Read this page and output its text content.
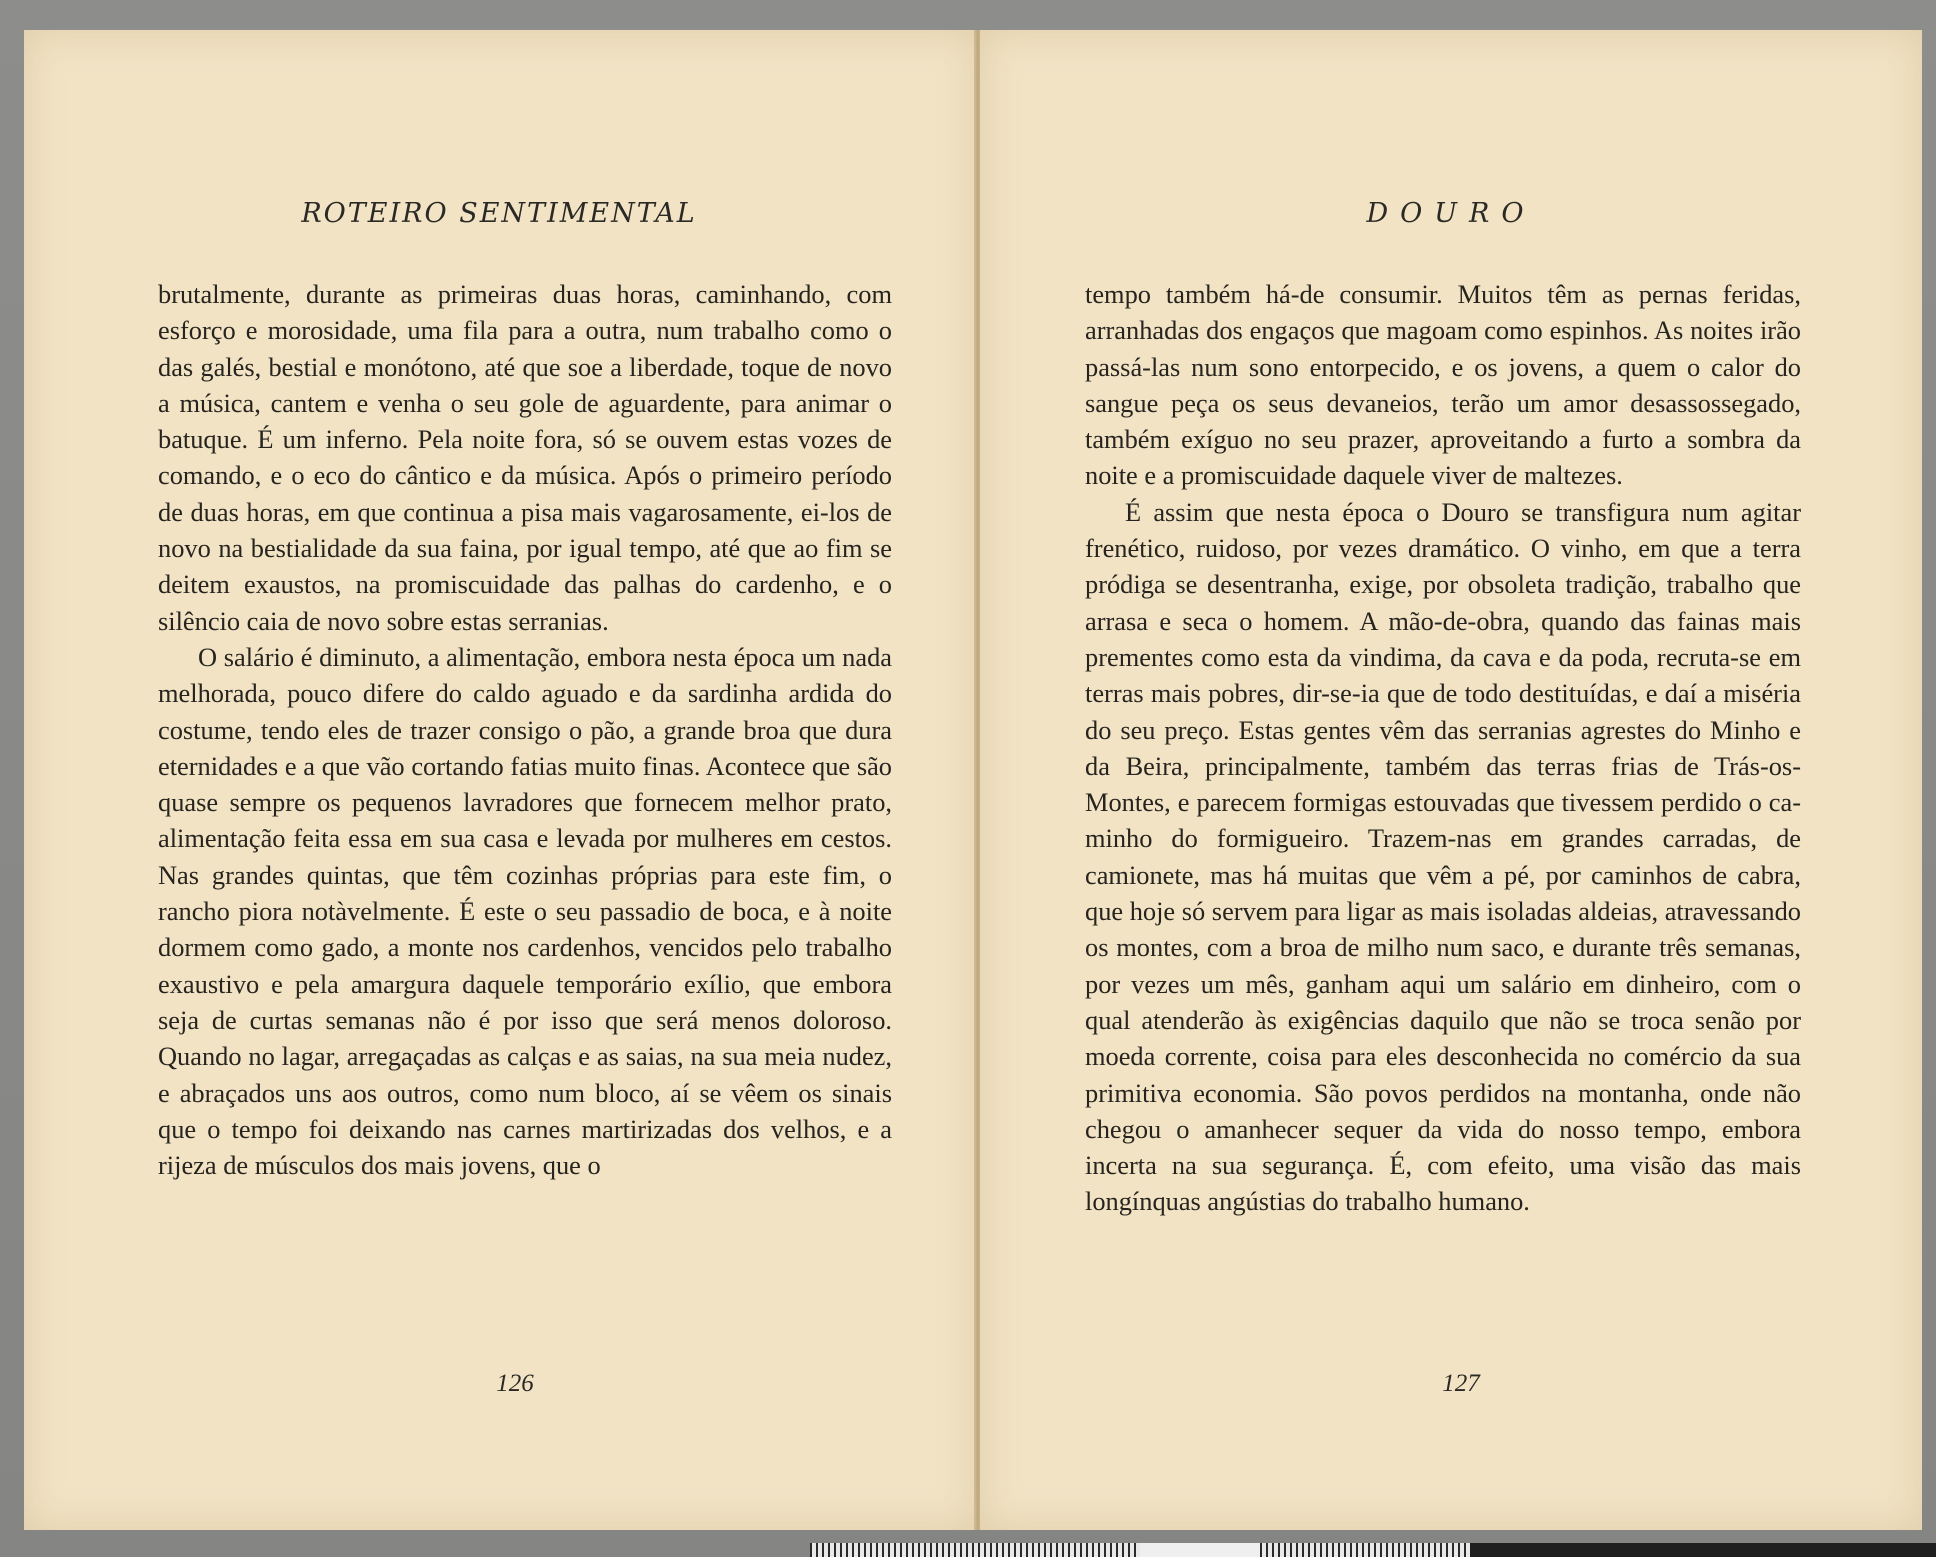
ROTEIRO SENTIMENTAL

brutalmente, durante as primeiras duas horas, caminhando, com esforço e morosidade, uma fila para a outra, num trabalho como o das galés, bestial e monótono, até que soe a liberdade, toque de novo a música, cantem e venha o seu gole de aguardente, para animar o batuque. É um inferno. Pela noite fora, só se ouvem estas vozes de comando, e o eco do cântico e da música. Após o primeiro período de duas horas, em que continua a pisa mais vagarosamente, ei-los de novo na bestialidade da sua faina, por igual tempo, até que ao fim se deitem exaustos, na promiscuidade das palhas do cardenho, e o silêncio caia de novo sobre estas serranias.

O salário é diminuto, a alimentação, embora nesta época um nada melhorada, pouco difere do caldo aguado e da sardinha ardida do costume, tendo eles de trazer consigo o pão, a grande broa que dura eternidades e a que vão cortando fatias muito finas. Acontece que são quase sempre os pequenos lavradores que fornecem melhor prato, alimentação feita essa em sua casa e levada por mulheres em cestos. Nas grandes quintas, que têm cozinhas próprias para este fim, o rancho piora notàvelmente. É este o seu passadio de boca, e à noite dormem como gado, a monte nos cardenhos, vencidos pelo trabalho exaustivo e pela amargura daquele temporário exílio, que embora seja de curtas semanas não é por isso que será menos doloroso. Quando no lagar, arregaçadas as calças e as saias, na sua meia nudez, e abraçados uns aos outros, como num bloco, aí se vêem os sinais que o tempo foi deixando nas carnes martirizadas dos velhos, e a rijeza de músculos dos mais jovens, que o

126
DOURO

tempo também há-de consumir. Muitos têm as pernas feridas, arranhadas dos engaços que magoam como espinhos. As noites irão passá-las num sono entorpecido, e os jovens, a quem o calor do sangue peça os seus devaneios, terão um amor desassossegado, também exíguo no seu prazer, aproveitando a furto a sombra da noite e a promiscuidade daquele viver de maltezes.

É assim que nesta época o Douro se transfigura num agitar frenético, ruidoso, por vezes dramático. O vinho, em que a terra pródiga se desentranha, exige, por obsoleta tradição, trabalho que arrasa e seca o homem. A mão-de-obra, quando das fainas mais prementes como esta da vindima, da cava e da poda, recruta-se em terras mais pobres, dir-se-ia que de todo destituídas, e daí a miséria do seu preço. Estas gentes vêm das serranias agrestes do Minho e da Beira, principalmente, também das terras frias de Trás-os-Montes, e parecem formigas estouvadas que tivessem perdido o caminho do formigueiro. Trazem-nas em grandes carradas, de camionete, mas há muitas que vêm a pé, por caminhos de cabra, que hoje só servem para ligar as mais isoladas aldeias, atravessando os montes, com a broa de milho num saco, e durante três semanas, por vezes um mês, ganham aqui um salário em dinheiro, com o qual atenderão às exigências daquilo que não se troca senão por moeda corrente, coisa para eles desconhecida no comércio da sua primitiva economia. São povos perdidos na montanha, onde não chegou o amanhecer sequer da vida do nosso tempo, embora incerta na sua segurança. É, com efeito, uma visão das mais longínquas angústias do trabalho humano.

127
